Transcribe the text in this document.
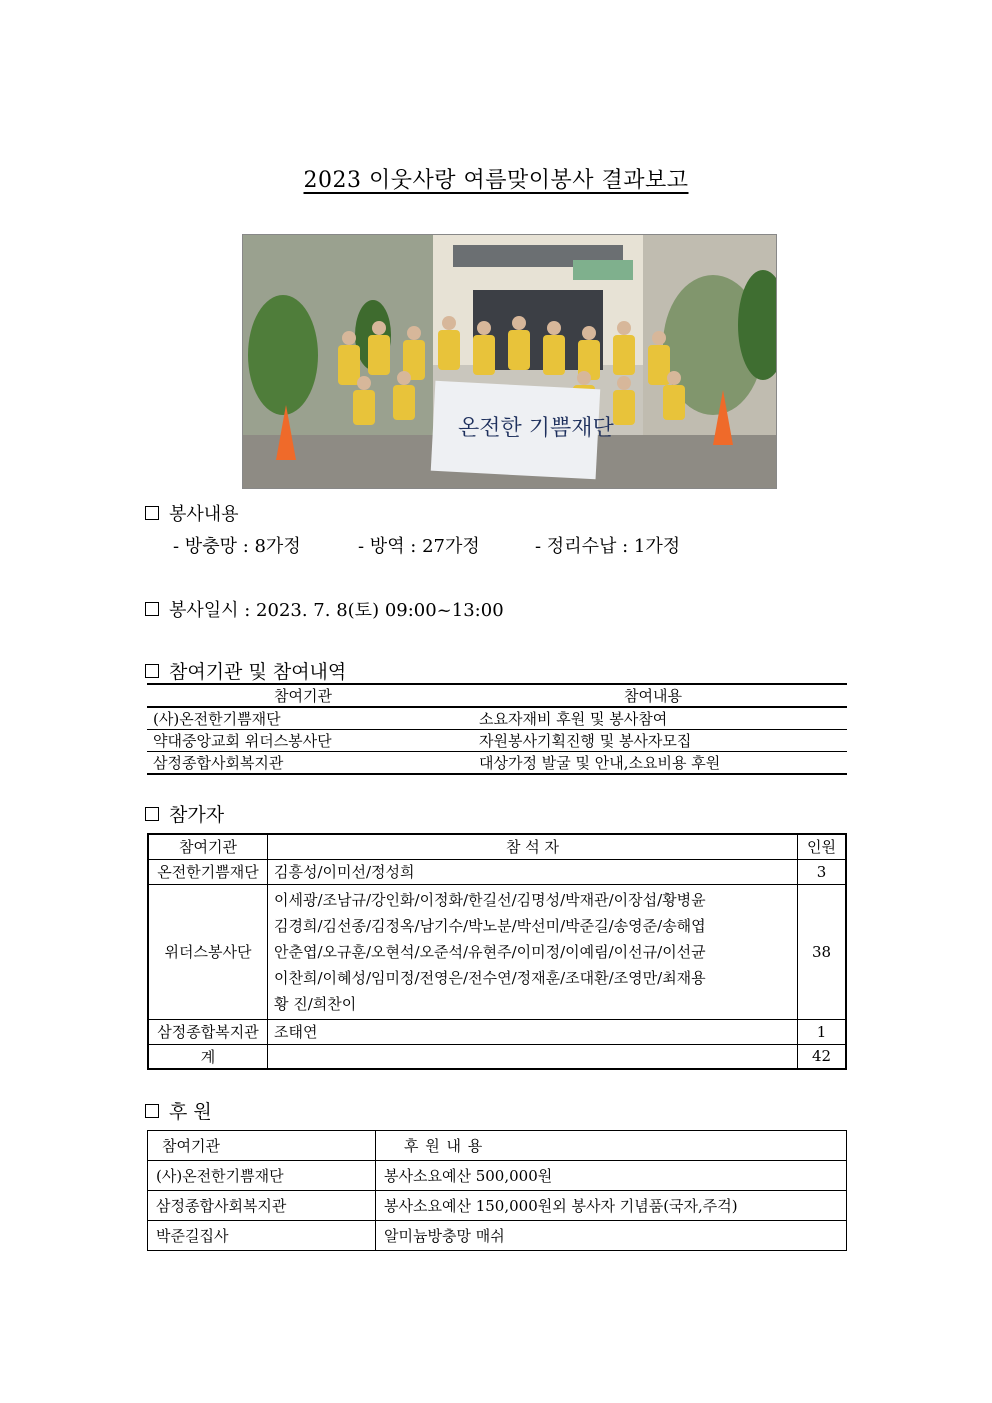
2023 이웃사랑 여름맞이봉사 결과보고
온전한 기쁨재단
봉사내용
- 방충망 : 8가정	- 방역 : 27가정	- 정리수납 : 1가정
봉사일시 : 2023. 7. 8(토) 09:00~13:00
참여기관 및 참여내역
참여기관	참여내용
(사)온전한기쁨재단	소요자재비 후원 및 봉사참여
약대중앙교회 위더스봉사단	자원봉사기획진행 및 봉사자모집
삼정종합사회복지관	대상가정 발굴 및 안내,소요비용 후원
참가자
참여기관	참 석 자	인원
온전한기쁨재단	김흥성/이미선/정성희	3
위더스봉사단	이세광/조남규/강인화/이정화/한길선/김명성/박재관/이장섭/황병윤
김경희/김선종/김정옥/남기수/박노분/박선미/박준길/송영준/송해엽
안춘엽/오규훈/오현석/오준석/유현주/이미정/이예림/이선규/이선균
이찬희/이혜성/임미정/전영은/전수연/정재훈/조대환/조영만/최재용
황 진/희찬이	38
삼정종합복지관	조태연	1
계		42
후 원
참여기관	후 원 내 용
(사)온전한기쁨재단	봉사소요예산 500,000원
삼정종합사회복지관	봉사소요예산 150,000원외 봉사자 기념품(국자,주걱)
박준길집사	알미늄방충망 매쉬
